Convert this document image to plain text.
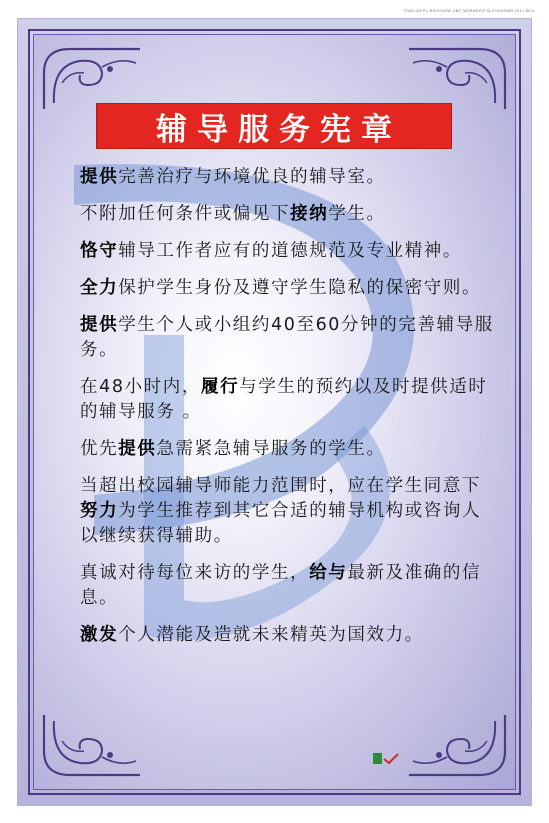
FONG-AH PIL BROCHURE UNIT WORKSHOP SLA HIGHWAY 2011 BELL
辅导服务宪章
提供完善治疗与环境优良的辅导室。
不附加任何条件或偏见下接纳学生。
恪守辅导工作者应有的道德规范及专业精神。
全力保护学生身份及遵守学生隐私的保密守则。
提供学生个人或小组约40至60分钟的完善辅导服务。
在48小时内，履行与学生的预约以及时提供适时的辅导服务 。
优先提供急需紧急辅导服务的学生。
当超出校园辅导师能力范围时，应在学生同意下努力为学生推荐到其它合适的辅导机构或咨询人以继续获得辅助。
真诚对待每位来访的学生，给与最新及准确的信息。
激发个人潜能及造就未来精英为国效力。
